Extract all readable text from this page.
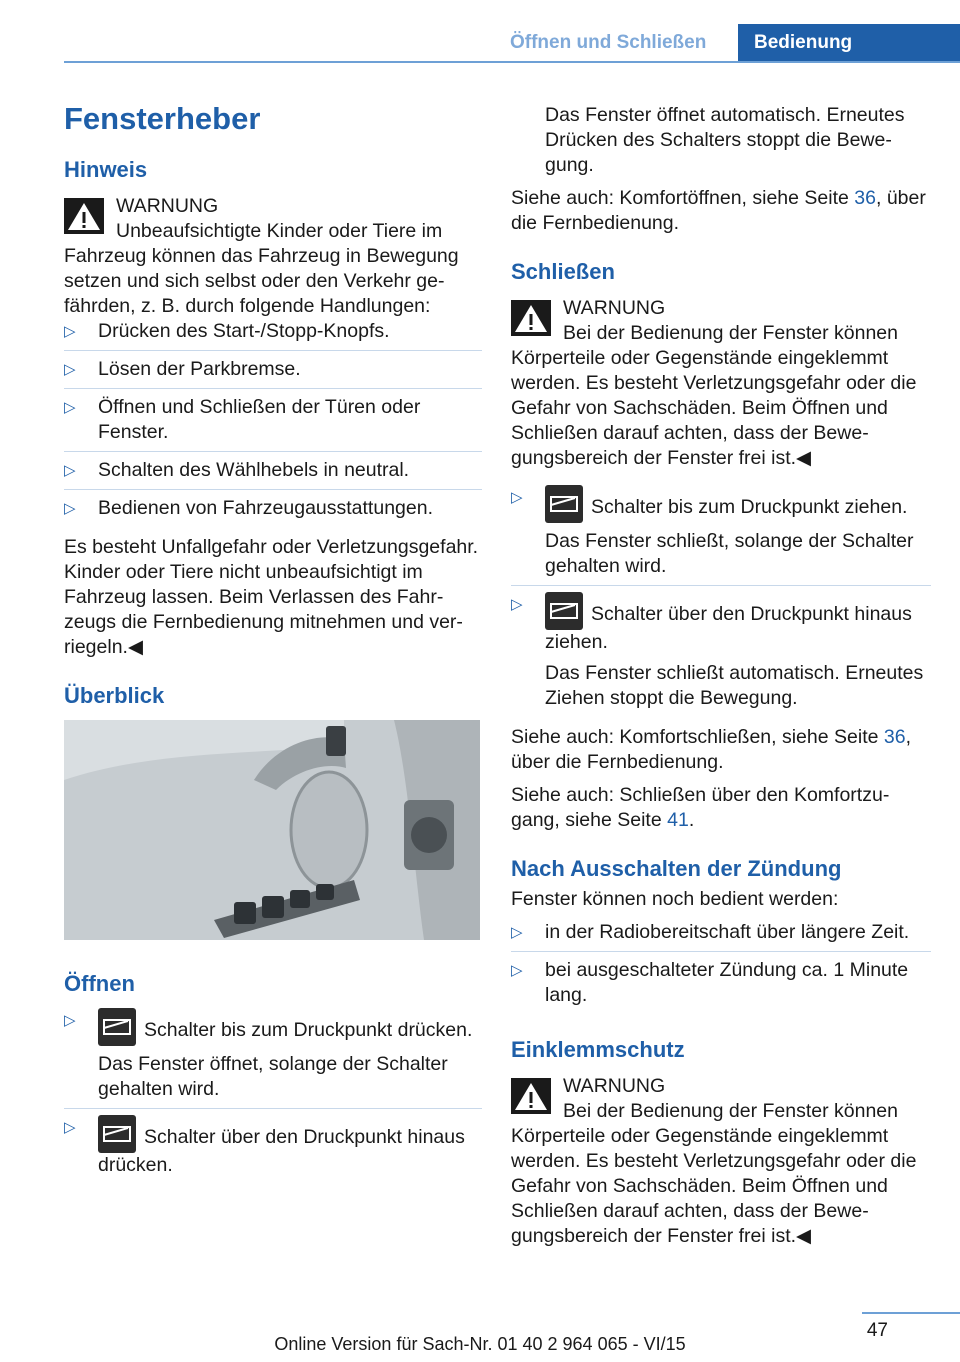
Öffnen und Schließen	Bedienung
Fensterheber
Hinweis
WARNUNG
Unbeaufsichtigte Kinder oder Tiere im Fahrzeug können das Fahrzeug in Bewegung setzen und sich selbst oder den Verkehr gefährden, z. B. durch folgende Handlungen:
▷ Drücken des Start-/Stopp-Knopfs.
▷ Lösen der Parkbremse.
▷ Öffnen und Schließen der Türen oder Fenster.
▷ Schalten des Wählhebels in neutral.
▷ Bedienen von Fahrzeugausstattungen.

Es besteht Unfallgefahr oder Verletzungsgefahr. Kinder oder Tiere nicht unbeaufsichtigt im Fahrzeug lassen. Beim Verlassen des Fahrzeugs die Fernbedienung mitnehmen und verriegeln.◀

Überblick
Öffnen
▷	Schalter bis zum Druckpunkt drücken.
Das Fenster öffnet, solange der Schalter gehalten wird.
▷	Schalter über den Druckpunkt hinaus drücken.

Das Fenster öffnet automatisch. Erneutes Drücken des Schalters stoppt die Bewegung.

Siehe auch: Komfortöffnen, siehe Seite 36, über die Fernbedienung.

Schließen
WARNUNG
Bei der Bedienung der Fenster können Körperteile oder Gegenstände eingeklemmt werden. Es besteht Verletzungsgefahr oder die Gefahr von Sachschäden. Beim Öffnen und Schließen darauf achten, dass der Bewegungsbereich der Fenster frei ist.◀
▷	Schalter bis zum Druckpunkt ziehen.
Das Fenster schließt, solange der Schalter gehalten wird.
▷	Schalter über den Druckpunkt hinaus ziehen.
Das Fenster schließt automatisch. Erneutes Ziehen stoppt die Bewegung.

Siehe auch: Komfortschließen, siehe Seite 36, über die Fernbedienung.

Siehe auch: Schließen über den Komfortzugang, siehe Seite 41.

Nach Ausschalten der Zündung

Fenster können noch bedient werden:

▷ in der Radiobereitschaft über längere Zeit.
▷ bei ausgeschalteter Zündung ca. 1 Minute lang.
Einklemmschutz
WARNUNG
Bei der Bedienung der Fenster können Körperteile oder Gegenstände eingeklemmt werden. Es besteht Verletzungsgefahr oder die Gefahr von Sachschäden. Beim Öffnen und Schließen darauf achten, dass der Bewegungsbereich der Fenster frei ist.◀
47
Online Version für Sach-Nr. 01 40 2 964 065 - VI/15
